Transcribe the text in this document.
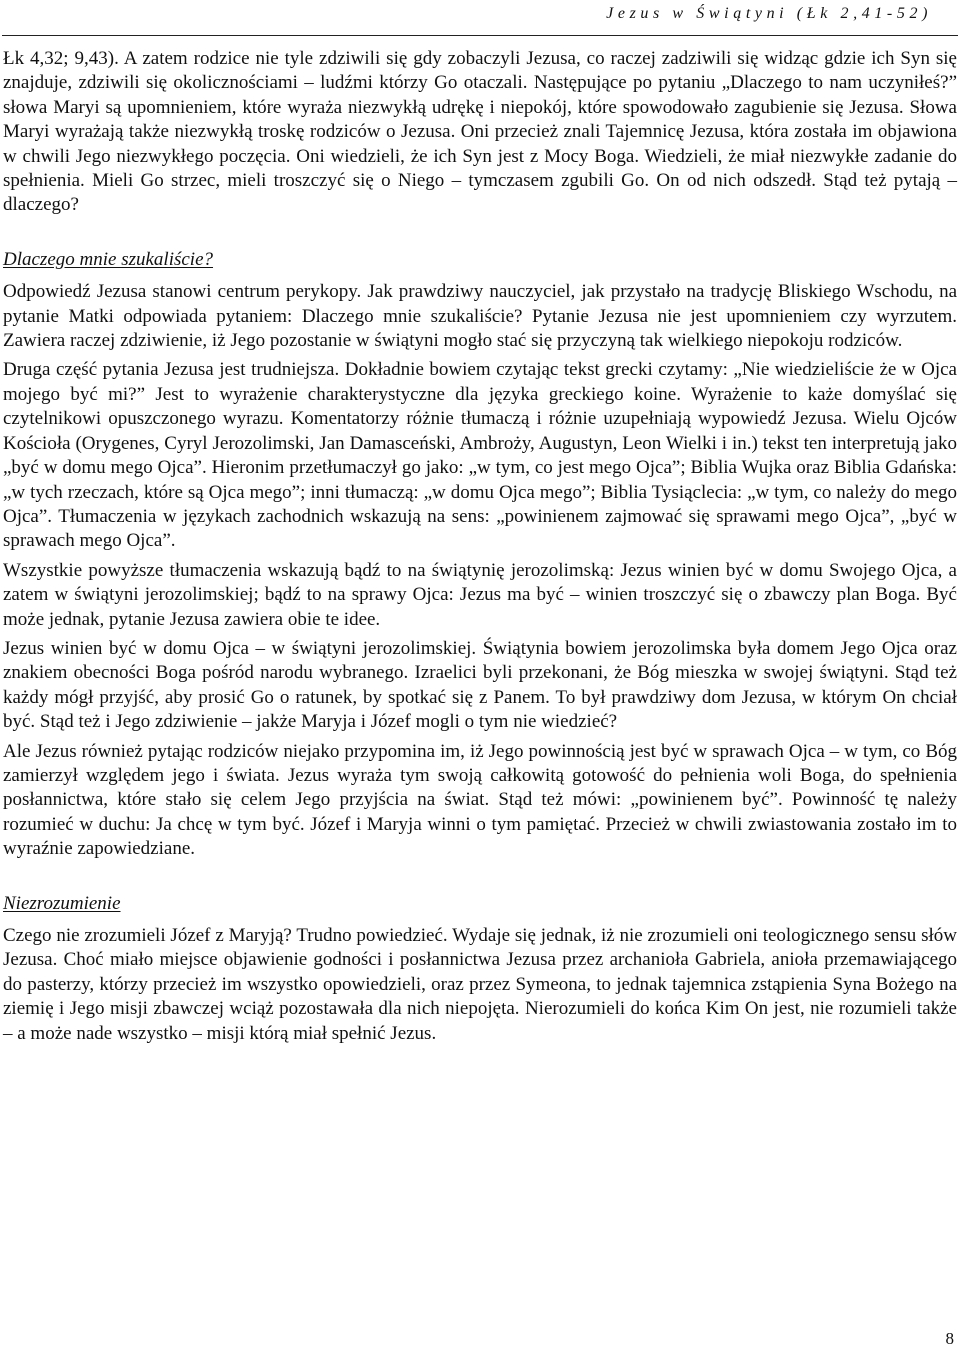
Jezus w Świątyni (Łk 2,41-52)

Łk 4,32; 9,43). A zatem rodzice nie tyle zdziwili się gdy zobaczyli Jezusa, co raczej zadziwili się widząc gdzie ich Syn się znajduje, zdziwili się okolicznościami – ludźmi którzy Go otaczali. Następujące po pytaniu „Dlaczego to nam uczyniłeś?” słowa Maryi są upomnieniem, które wyraża niezwykłą udrękę i niepokój, które spowodowało zagubienie się Jezusa. Słowa Maryi wyrażają także niezwykłą troskę rodziców o Jezusa. Oni przecież znali Tajemnicę Jezusa, która została im objawiona w chwili Jego niezwykłego poczęcia. Oni wiedzieli, że ich Syn jest z Mocy Boga. Wiedzieli, że miał niezwykłe zadanie do spełnienia. Mieli Go strzec, mieli troszczyć się o Niego – tymczasem zgubili Go. On od nich odszedł. Stąd też pytają – dlaczego?

Dlaczego mnie szukaliście?

Odpowiedź Jezusa stanowi centrum perykopy. Jak prawdziwy nauczyciel, jak przystało na tradycję Bliskiego Wschodu, na pytanie Matki odpowiada pytaniem: Dlaczego mnie szukaliście? Pytanie Jezusa nie jest upomnieniem czy wyrzutem. Zawiera raczej zdziwienie, iż Jego pozostanie w świątyni mogło stać się przyczyną tak wielkiego niepokoju rodziców.

Druga część pytania Jezusa jest trudniejsza. Dokładnie bowiem czytając tekst grecki czytamy: „Nie wiedzieliście że w Ojca mojego być mi?” Jest to wyrażenie charakterystyczne dla języka greckiego koine. Wyrażenie to każe domyślać się czytelnikowi opuszczonego wyrazu. Komentatorzy różnie tłumaczą i różnie uzupełniają wypowiedź Jezusa. Wielu Ojców Kościoła (Orygenes, Cyryl Jerozolimski, Jan Damasceński, Ambroży, Augustyn, Leon Wielki i in.) tekst ten interpretują jako „być w domu mego Ojca”. Hieronim przetłumaczył go jako: „w tym, co jest mego Ojca”; Biblia Wujka oraz Biblia Gdańska: „w tych rzeczach, które są Ojca mego”; inni tłumaczą: „w domu Ojca mego”; Biblia Tysiąclecia: „w tym, co należy do mego Ojca”. Tłumaczenia w językach zachodnich wskazują na sens: „powinienem zajmować się sprawami mego Ojca”, „być w sprawach mego Ojca”.

Wszystkie powyższe tłumaczenia wskazują bądź to na świątynię jerozolimską: Jezus winien być w domu Swojego Ojca, a zatem w świątyni jerozolimskiej; bądź to na sprawy Ojca: Jezus ma być – winien troszczyć się o zbawczy plan Boga. Być może jednak, pytanie Jezusa zawiera obie te idee.

Jezus winien być w domu Ojca – w świątyni jerozolimskiej. Świątynia bowiem jerozolimska była domem Jego Ojca oraz znakiem obecności Boga pośród narodu wybranego. Izraelici byli przekonani, że Bóg mieszka w swojej świątyni. Stąd też każdy mógł przyjść, aby prosić Go o ratunek, by spotkać się z Panem. To był prawdziwy dom Jezusa, w którym On chciał być. Stąd też i Jego zdziwienie – jakże Maryja i Józef mogli o tym nie wiedzieć?

Ale Jezus również pytając rodziców niejako przypomina im, iż Jego powinnością jest być w sprawach Ojca – w tym, co Bóg zamierzył względem jego i świata. Jezus wyraża tym swoją całkowitą gotowość do pełnienia woli Boga, do spełnienia posłannictwa, które stało się celem Jego przyjścia na świat. Stąd też mówi: „powinienem być”. Powinność tę należy rozumieć w duchu: Ja chcę w tym być. Józef i Maryja winni o tym pamiętać. Przecież w chwili zwiastowania zostało im to wyraźnie zapowiedziane.

Niezrozumienie

Czego nie zrozumieli Józef z Maryją? Trudno powiedzieć. Wydaje się jednak, iż nie zrozumieli oni teologicznego sensu słów Jezusa. Choć miało miejsce objawienie godności i posłannictwa Jezusa przez archanioła Gabriela, anioła przemawiającego do pasterzy, którzy przecież im wszystko opowiedzieli, oraz przez Symeona, to jednak tajemnica zstąpienia Syna Bożego na ziemię i Jego misji zbawczej wciąż pozostawała dla nich niepojęta. Nierozumieli do końca Kim On jest, nie rozumieli także – a może nade wszystko – misji którą miał spełnić Jezus.

8
